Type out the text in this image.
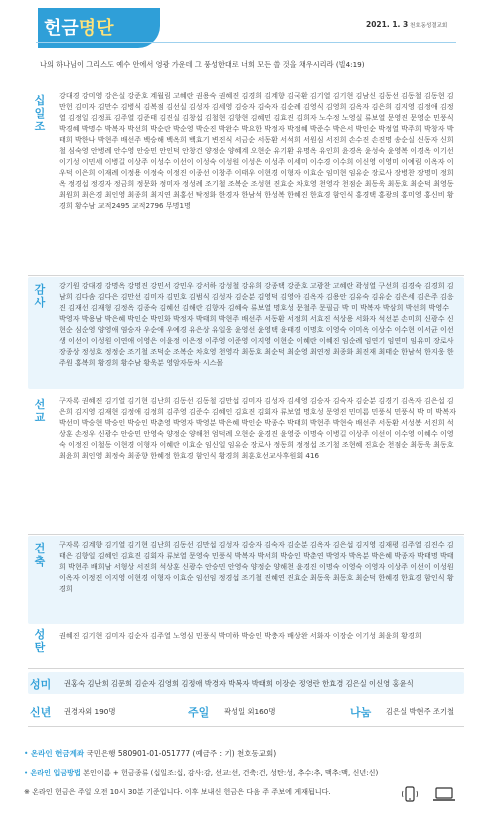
헌금명단	2021. 1. 3 천호동성결교회
나의 하나님이 그리스도 예수 안에서 영광 가운데 그 풍성한대로 너희 모든 쓸 것을 채우시리라 (빌4:19)
십
일
조
강대경 강미영 강은실 강준호 계월림 고혜란 권용숙 권혜진 김경희 김계향 김국환 김기열 김기현 김남신 김동선 김동철 김동현 김만헌 김미자 김만수 김병식 김복점 김선실 김성자 김세영 김승자 김숙자 김순례 김영식 김영희 김옥자 김은희 김지영 김정애 김정열 김정일 김정표 김주열 김준태 김진실 김창섭 김철현 김향현 김혜민 김효진 김희자 노수정 노영실 류보열 문영진 문영순 민풍식 박경혜 박명수 박복자 박선희 박순란 박순영 박순진 박완수 박요한 박정자 박정혜 박준수 박은서 박인순 박정열 박주희 박창자 박태희 박한나 박현주 배선주 백승해 백옥희 백효기 변진식 서금순 서동환 서석희 서원심 서진희 손수진 손진명 송순실 신동자 신희철 심숙영 안병례 안수영 안승민 안인덕 안창건 양정순 양혜계 오현순 유기환 유명옥 유인희 윤경옥 윤성숙 윤영복 이경옥 이기선 이기성 이민세 이병길 이상주 이성수 이선이 이성숙 이성원 이성은 이성주 이세미 이수경 이수희 이신영 이영미 이예림 이옥자 이우덕 이은희 이재례 이정용 이정숙 이정진 이종선 이창주 이태우 이현경 이형자 이효순 임미현 임유순 장로사 장병찬 장명미 정희옥 정경섭 정경자 정금희 정문화 정미자 정성례 조기철 조복순 조성현 진효순 차호영 천영각 천점순 최동욱 최동호 최순덕 최영동 최원희 최은경 최인영 최종희 최지연 최홍선 탁정화 한경자 한남석 한성복 한혜진 한효경 함인식 홍경택 홍광의 홍미영 홍신비 황경희 황수남 교적2495 교적2796 무명1명
감
사
강기원 강대경 강명옥 강명진 강민서 강민우 강서하 강성철 강유희 강종택 강준호 고광찬 고혜란 곽성열 구선희 김경숙 김경희 김남희 김다솜 김다은 김만선 김미자 김민호 김범식 김성자 김순분 김영덕 김영아 김옥자 김용안 김유숙 김유순 김은세 김은주 김응진 김재선 김재형 김정옥 김종숙 김혜선 김해란 김향자 김혜숙 류보열 명호성 문철주 문필금 박 미 박복자 박삼희 박선희 박영수 박영자 박용남 박은혜 박인순 박인화 박정자 박태희 박현주 배선주 서동환 서정희 서효진 석상용 서화자 석선분 손미희 신광수 신현순 심순영 양영애 염승자 우순애 우예경 유은상 유일웅 윤영선 윤영택 윤태경 이명호 이영숙 이미옥 이상수 이수현 이서균 이선생 이선이 이성원 이연애 이영은 이윤정 이은정 이주영 이준영 이지영 이현순 이혜란 이혜진 임순례 임연기 임연미 임유미 장로사 장종상 정성호 정정순 조기철 조덕순 조복순 차호영 천영각 최동호 최순덕 최순영 최연정 최종화 최진재 최태순 한남석 한지웅 한주원 홍복희 황경희 황수남 황욱분 영암자동차 시스몰
선
교
구자록 권혜진 김기열 김기현 김난희 김동선 김동철 김만섭 김미자 김성자 김세영 김승자 김숙자 김순분 김경기 김옥자 김은섭 김은희 김지영 김재현 김정애 김정희 김주영 김준수 김혜인 김효진 김회자 류보열 명호성 문영진 민미름 민풍식 민풍식 박 미 박복자 박선미 박승현 박승인 박승인 박춘영 박영자 박영분 박은혜 박인순 박종수 박태희 박현주 박현숙 배선주 서동환 서성봉 서진희 석상훈 손정우 신광수 안승민 안영숙 양정순 양해천 엄덕례 오현순 윤경진 윤영중 이명숙 이병길 이상주 이선이 이수영 이혜수 이영숙 이정진 이철동 이현경 이형자 이혜란 이효순 임신일 임유순 장로사 정동희 정정섭 조기철 조현혜 진효순 천점순 최동욱 최동호 최윤희 최인영 최정숙 최종향 한혜정 한효경 함인식 황경희 최훈호선교사후원회 416
건
축
구자록 김계향 김기열 김기현 김난희 김동선 김만섭 김성자 김승자 김숙자 김순분 김옥자 김은섭 김지영 김재평 김주열 김진수 김태은 김향일 김혜인 김효진 김회자 류보열 문영숙 민풍식 박복자 박서희 박승인 박춘연 박영자 박옥분 박은혜 박종자 박태명 박태희 박현주 배희남 서형상 서진희 석상훈 신광수 안승민 안영숙 양정순 양해천 윤경진 이명숙 이영숙 이영자 이상주 이선이 이성원 이옥자 이정진 이지영 이현경 이형자 이효순 임선임 정경섭 조기철 진혜연 진효순 최동욱 최동호 최순덕 한혜경 한효경 함인식 황경희
성
탄
권혜진 김기현 김미자 김순자 김주열 노영심 민풍식 박미하 박승인 박충자 배상완 서화자 이장순 이기성 최윤희 황경희
성미 권홍숙 김난희 김문희 김순자 김영희 김정애 박경자 박복자 박태희 이장순 정영란 한효경 김은실 이신영 홍윤식
신년 권경자외 190명	주일 곽성일 외160명	나눔 김은실 박현주 조기철
• 온라인 헌금계좌 국민은행 580901-01-051777 (예금주 : 기) 천호동교회)
• 온라인 입금방법 본인이름 + 헌금종류 (십일조:십, 감사:감, 선교:선, 건축:건, 성탄:성, 추수:추, 맥추:맥, 신년:신)
※ 온라인 헌금은 주일 오전 10시 30분 기준입니다. 이후 보내신 헌금은 다음 주 주보에 게재됩니다.
